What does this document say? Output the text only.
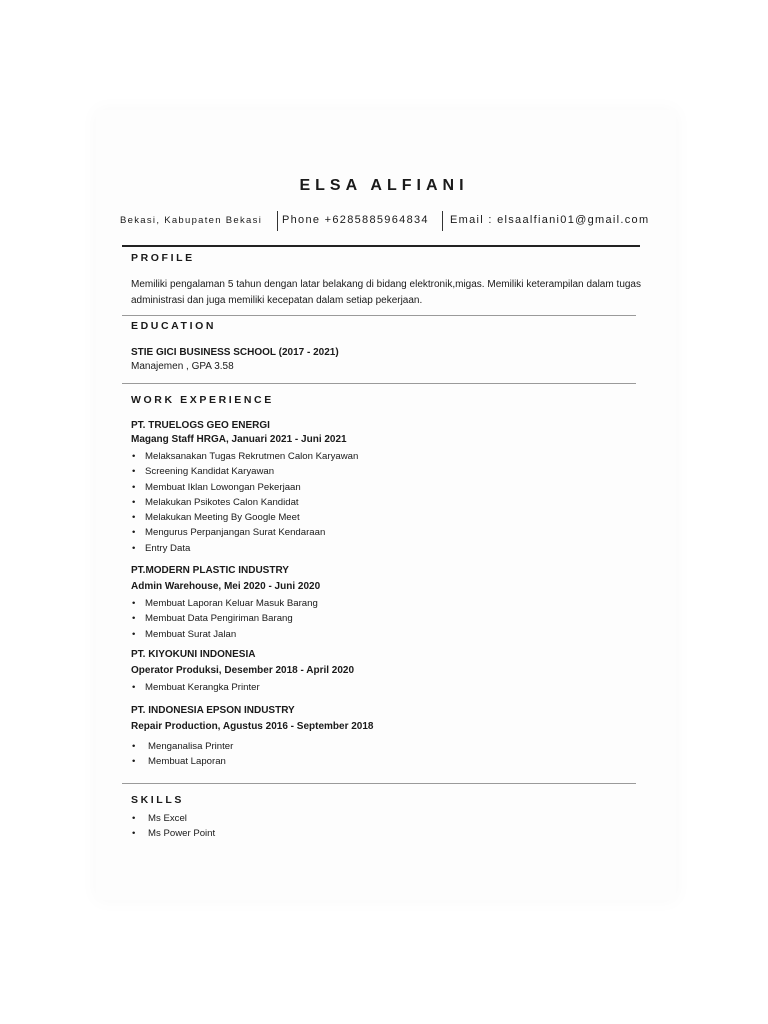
ELSA ALFIANI
Bekasi, Kabupaten Bekasi Phone +6285885964834 Email : elsaalfiani01@gmail.com
PROFILE
Memiliki pengalaman 5 tahun dengan latar belakang di bidang elektronik,migas. Memiliki keterampilan dalam tugas administrasi dan juga memiliki kecepatan dalam setiap pekerjaan.
EDUCATION
STIE GICI BUSINESS SCHOOL (2017 - 2021)
Manajemen , GPA 3.58
WORK EXPERIENCE
PT. TRUELOGS GEO ENERGI
Magang Staff HRGA, Januari 2021 - Juni 2021
• Melaksanakan Tugas Rekrutmen Calon Karyawan
• Screening Kandidat Karyawan
• Membuat Iklan Lowongan Pekerjaan
• Melakukan Psikotes Calon Kandidat
• Melakukan Meeting By Google Meet
• Mengurus Perpanjangan Surat Kendaraan
• Entry Data
PT.MODERN PLASTIC INDUSTRY
Admin Warehouse, Mei 2020 - Juni 2020
• Membuat Laporan Keluar Masuk Barang
• Membuat Data Pengiriman Barang
• Membuat Surat Jalan
PT. KIYOKUNI INDONESIA
Operator Produksi, Desember 2018 - April 2020
• Membuat Kerangka Printer
PT. INDONESIA EPSON INDUSTRY
Repair Production, Agustus 2016 - September 2018
• Menganalisa Printer
• Membuat Laporan
SKILLS
• Ms Excel
• Ms Power Point
